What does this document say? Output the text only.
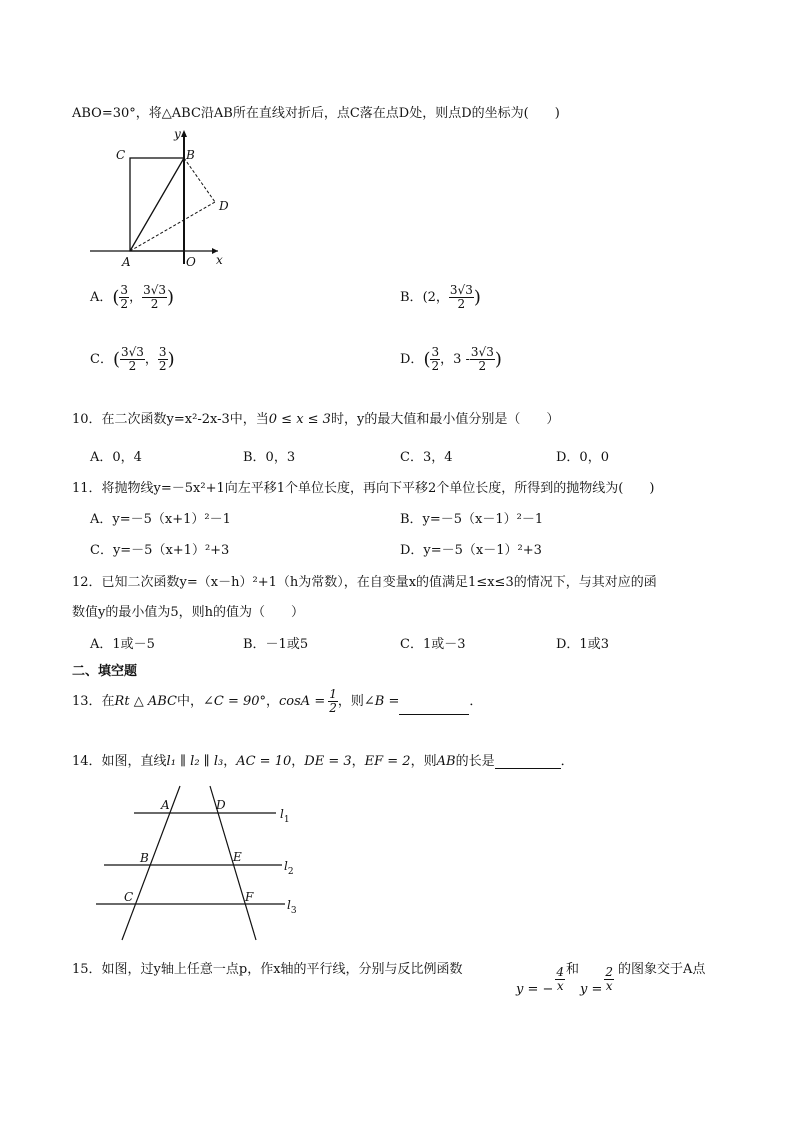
ABO=30°，将△ABC沿AB所在直线对折后，点C落在点D处，则点D的坐标为(　　)
C	B
D
A	O x
y
A．( $\frac{3}{2}$ ， $\frac{3√3}{2}$ )	B．(2， $\frac{3√3}{2}$ )
C．( $\frac{3√3}{2}$ ， $\frac{3}{2}$ )	D．( $\frac{3}{2}$ ，$3 - \frac{3√3}{2}$ )
10．在二次函数y=x²-2x-3中，当0 ≤ x ≤ 3时，y的最大值和最小值分别是（　　）
A．0，4	B．0，3	C．3，4	D．0，0
11．将抛物线y=－5x²+1向左平移1个单位长度，再向下平移2个单位长度，所得到的抛物线为(　　)
A．y=－5（x+1）²－1	B．y=－5（x－1）²－1
C．y=－5（x+1）²+3	D．y=－5（x－1）²+3
12．已知二次函数y=（x－h）²+1（h为常数），在自变量x的值满足1≤x≤3的情况下，与其对应的函
数值y的最小值为5，则h的值为（　　）
A．1或－5	B．－1或5	C．1或－3	D．1或3
二、填空题
13．在Rt △ ABC中，∠C = 90°，$\cos A = \frac{1}{2}$ ，则∠B =	．
14．如图，直线l₁ ∥ l₂ ∥ l₃，AC = 10，DE = 3，EF = 2，则AB的长是	．
A	D
B	E
C	F
$l_1$
$l_2$
$l_3$
15．如图，过y轴上任意一点p，作x轴的平行线，分别与反比例函数
y = − $\frac{4}{x}$ 和
$y = \frac{2}{x}$ 的图象交于A点
